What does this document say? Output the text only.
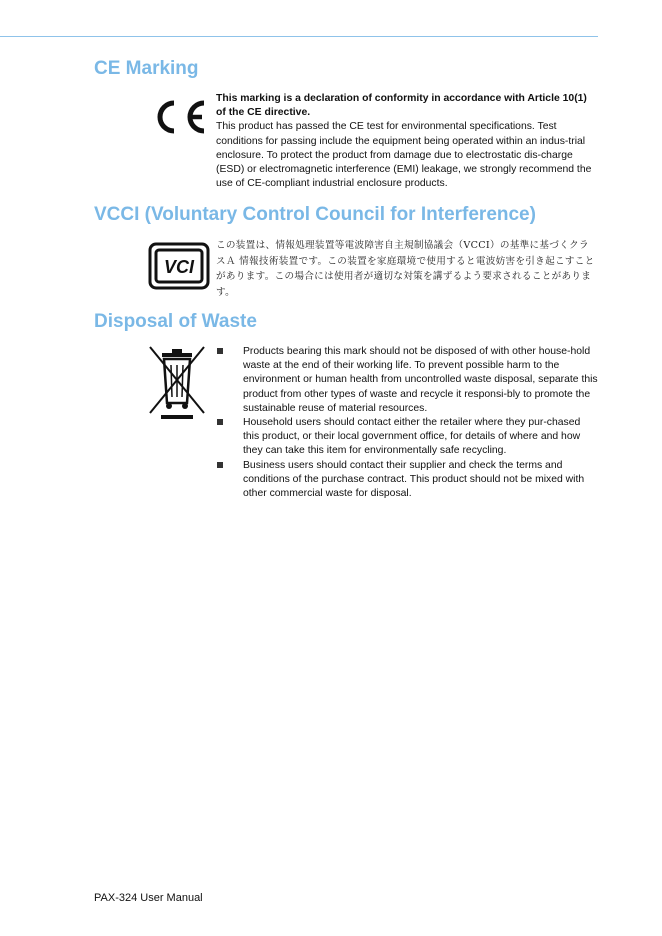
CE Marking

This marking is a declaration of conformity in accordance with Article 10(1) of the CE directive.

This product has passed the CE test for environmental specifications. Test conditions for passing include the equipment being operated within an indus-trial enclosure. To protect the product from damage due to electrostatic dis-charge (ESD) or electromagnetic interference (EMI) leakage, we strongly recommend the use of CE-compliant industrial enclosure products.

VCCI (Voluntary Control Council for Interference)
VCI
この装置は、情報処理装置等電波障害自主規制協議会（VCCI）の基準に基づくクラスＡ 情報技術装置です。この装置を家庭環境で使用すると電波妨害を引き起こすことがあります。この場合には使用者が適切な対策を講ずるよう要求されることがあります。
Disposal of Waste
Products bearing this mark should not be disposed of with other house-hold waste at the end of their working life. To prevent possible harm to the environment or human health from uncontrolled waste disposal, separate this product from other types of waste and recycle it responsi-bly to promote the sustainable reuse of material resources.
Household users should contact either the retailer where they pur-chased this product, or their local government office, for details of where and how they can take this item for environmentally safe recycling.
Business users should contact their supplier and check the terms and conditions of the purchase contract. This product should not be mixed with other commercial waste for disposal.
PAX-324 User Manual
